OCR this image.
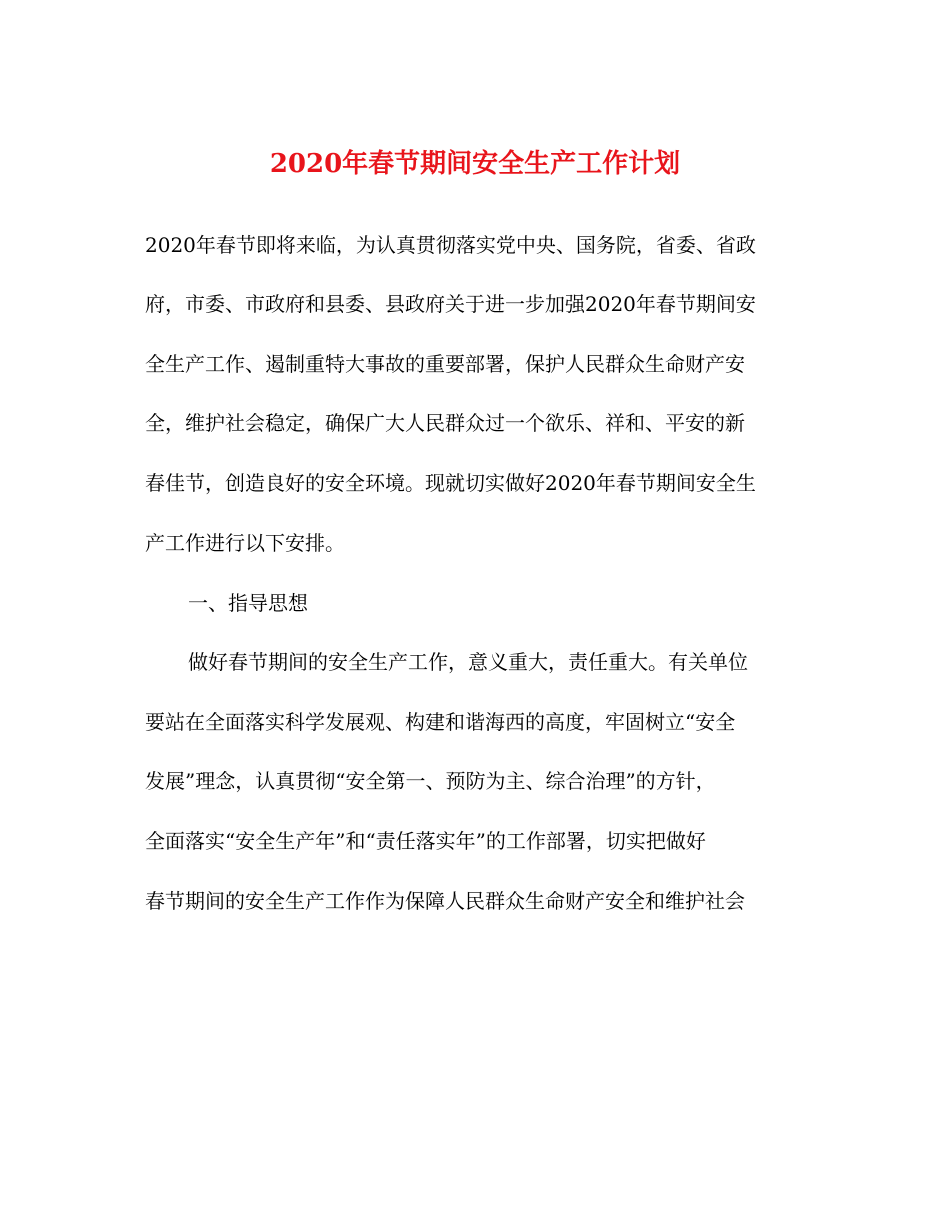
2020年春节期间安全生产工作计划

2020年春节即将来临，为认真贯彻落实党中央、国务院，省委、省政

府，市委、市政府和县委、县政府关于进一步加强2020年春节期间安

全生产工作、遏制重特大事故的重要部署，保护人民群众生命财产安

全，维护社会稳定，确保广大人民群众过一个欲乐、祥和、平安的新

春佳节，创造良好的安全环境。现就切实做好2020年春节期间安全生

产工作进行以下安排。

一、指导思想

做好春节期间的安全生产工作，意义重大，责任重大。有关单位

要站在全面落实科学发展观、构建和谐海西的高度，牢固树立“安全

发展”理念，认真贯彻“安全第一、预防为主、综合治理”的方针，

全面落实“安全生产年”和“责任落实年”的工作部署，切实把做好

春节期间的安全生产工作作为保障人民群众生命财产安全和维护社会
